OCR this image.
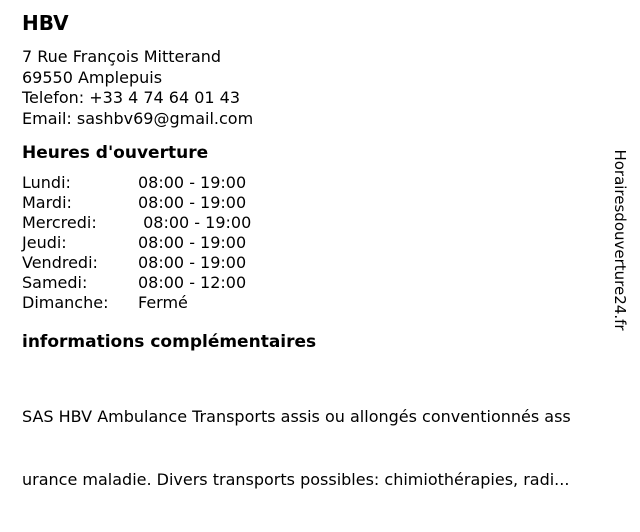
HBV
7 Rue François Mitterand
69550 Amplepuis
Telefon: +33 4 74 64 01 43
Email: sashbv69@gmail.com
Heures d'ouverture
Lundi:	08:00 - 19:00
Mardi:	08:00 - 19:00
Mercredi:	08:00 - 19:00
Jeudi:	08:00 - 19:00
Vendredi:	08:00 - 19:00
Samedi:	08:00 - 12:00
Dimanche:	Fermé
informations complémentaires

SAS HBV Ambulance Transports assis ou allongés conventionnés ass

urance maladie. Divers transports possibles: chimiothérapies, radi...

Horairesdouverture24.fr
